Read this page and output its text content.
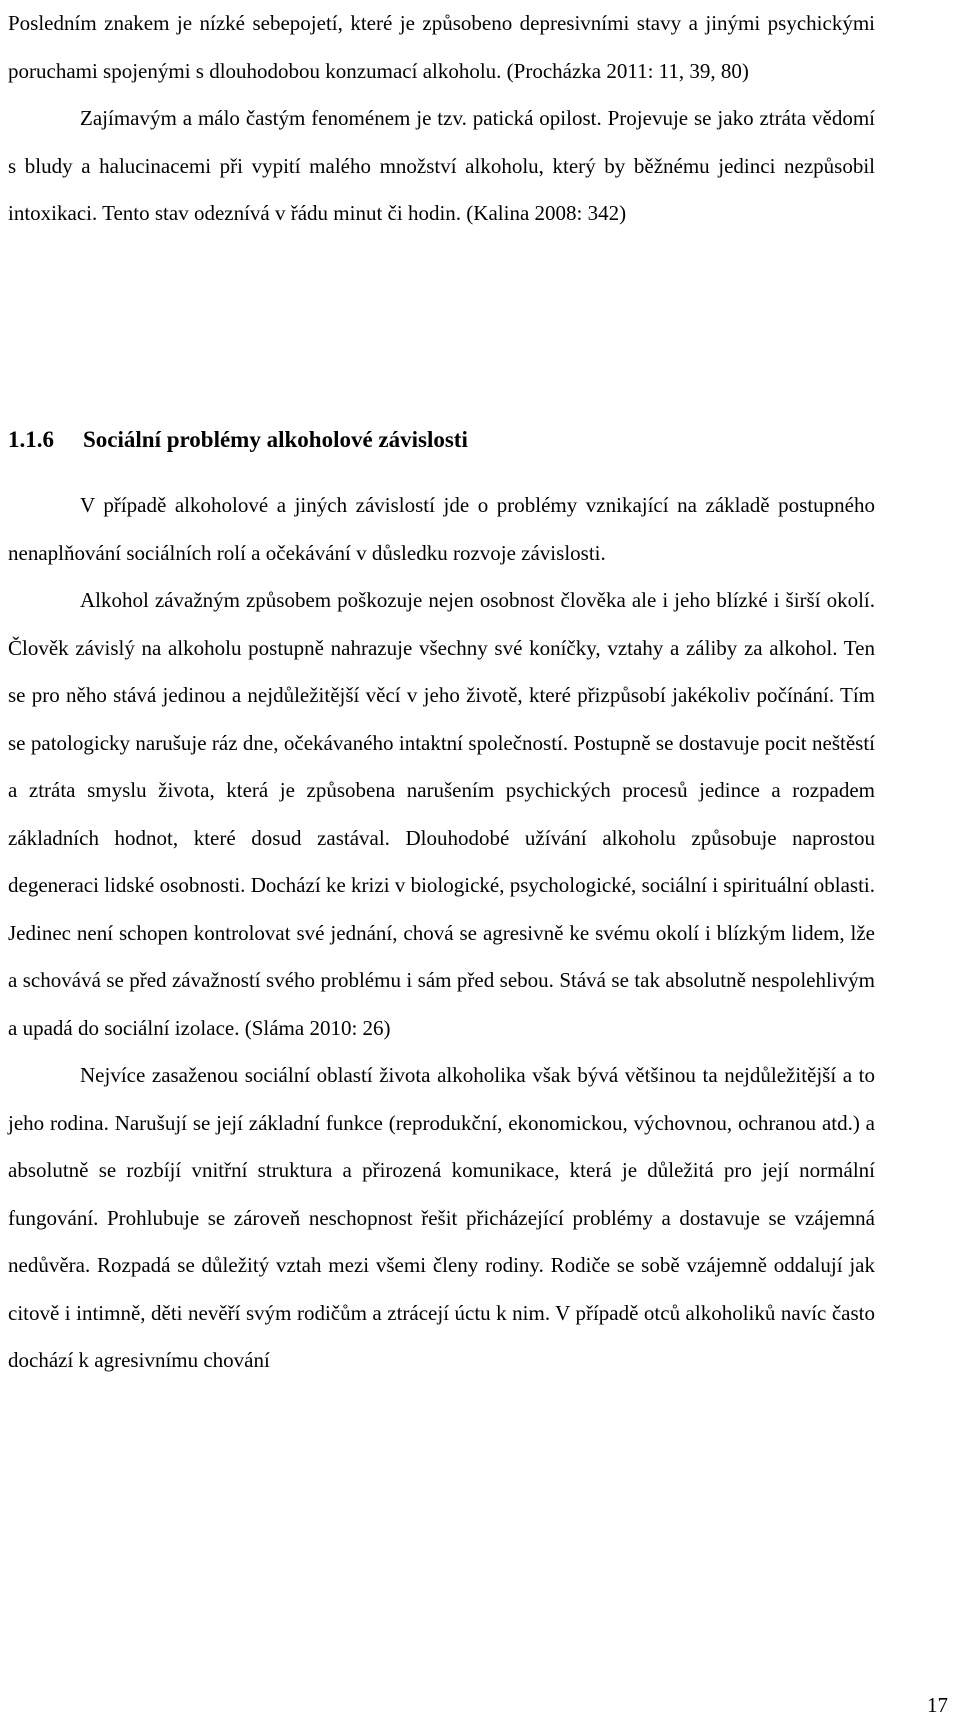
Posledním znakem je nízké sebepojetí, které je způsobeno depresivními stavy a jinými psychickými poruchami spojenými s dlouhodobou konzumací alkoholu. (Procházka 2011: 11, 39, 80)

Zajímavým a málo častým fenoménem je tzv. patická opilost. Projevuje se jako ztráta vědomí s bludy a halucinacemi při vypití malého množství alkoholu, který by běžnému jedinci nezpůsobil intoxikaci. Tento stav odeznívá v řádu minut či hodin. (Kalina 2008: 342)

1.1.6 Sociální problémy alkoholové závislosti

V případě alkoholové a jiných závislostí jde o problémy vznikající na základě postupného nenaplňování sociálních rolí a očekávání v důsledku rozvoje závislosti.

Alkohol závažným způsobem poškozuje nejen osobnost člověka ale i jeho blízké i širší okolí. Člověk závislý na alkoholu postupně nahrazuje všechny své koníčky, vztahy a záliby za alkohol. Ten se pro něho stává jedinou a nejdůležitější věcí v jeho životě, které přizpůsobí jakékoliv počínání. Tím se patologicky narušuje ráz dne, očekávaného intaktní společností. Postupně se dostavuje pocit neštěstí a ztráta smyslu života, která je způsobena narušením psychických procesů jedince a rozpadem základních hodnot, které dosud zastával. Dlouhodobé užívání alkoholu způsobuje naprostou degeneraci lidské osobnosti. Dochází ke krizi v biologické, psychologické, sociální i spirituální oblasti. Jedinec není schopen kontrolovat své jednání, chová se agresivně ke svému okolí i blízkým lidem, lže a schovává se před závažností svého problému i sám před sebou. Stává se tak absolutně nespolehlivým a upadá do sociální izolace. (Sláma 2010: 26)

Nejvíce zasaženou sociální oblastí života alkoholika však bývá většinou ta nejdůležitější a to jeho rodina. Narušují se její základní funkce (reprodukční, ekonomickou, výchovnou, ochranou atd.) a absolutně se rozbíjí vnitřní struktura a přirozená komunikace, která je důležitá pro její normální fungování. Prohlubuje se zároveň neschopnost řešit přicházející problémy a dostavuje se vzájemná nedůvěra. Rozpadá se důležitý vztah mezi všemi členy rodiny. Rodiče se sobě vzájemně oddalují jak citově i intimně, děti nevěří svým rodičům a ztrácejí úctu k nim. V případě otců alkoholiků navíc často dochází k agresivnímu chování

17
